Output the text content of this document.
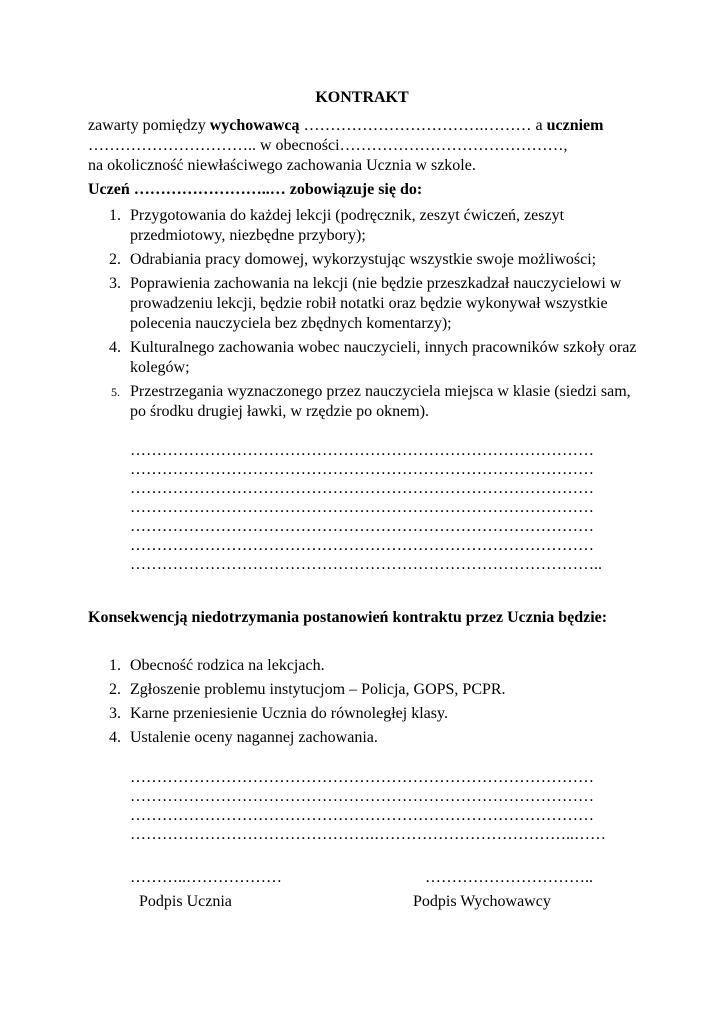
KONTRAKT

zawarty pomiędzy wychowawcą …………………………….……… a uczniem

………………………….. w obecności……………………………………,

na okoliczność niewłaściwego zachowania Ucznia w szkole.

Uczeń ……………………..… zobowiązuje się do:
1. Przygotowania do każdej lekcji (podręcznik, zeszyt ćwiczeń, zeszyt przedmiotowy, niezbędne przybory);
2. Odrabiania pracy domowej, wykorzystując wszystkie swoje możliwości;
3. Poprawienia zachowania na lekcji (nie będzie przeszkadzał nauczycielowi w prowadzeniu lekcji, będzie robił notatki oraz będzie wykonywał wszystkie polecenia nauczyciela bez zbędnych komentarzy);
4. Kulturalnego zachowania wobec nauczycieli, innych pracowników szkoły oraz kolegów;
5. Przestrzegania wyznaczonego przez nauczyciela miejsca w klasie (siedzi sam, po środku drugiej ławki, w rzędzie po oknem).
……………………………………………………………………………
……………………………………………………………………………
……………………………………………………………………………
……………………………………………………………………………
……………………………………………………………………………
……………………………………………………………………………
……………………………………………………………………………..
Konsekwencją niedotrzymania postanowień kontraktu przez Ucznia będzie:
1. Obecność rodzica na lekcjach.
2. Zgłoszenie problemu instytucjom – Policja, GOPS, PCPR.
3. Karne przeniesienie Ucznia do równoległej klasy.
4. Ustalenie oceny nagannej zachowania.
……………………………………………………………………………
……………………………………………………………………………
……………………………………………………………………………
……………………………………….………………………………..……
………..………………	…………………………..
Podpis Ucznia	Podpis Wychowawcy
